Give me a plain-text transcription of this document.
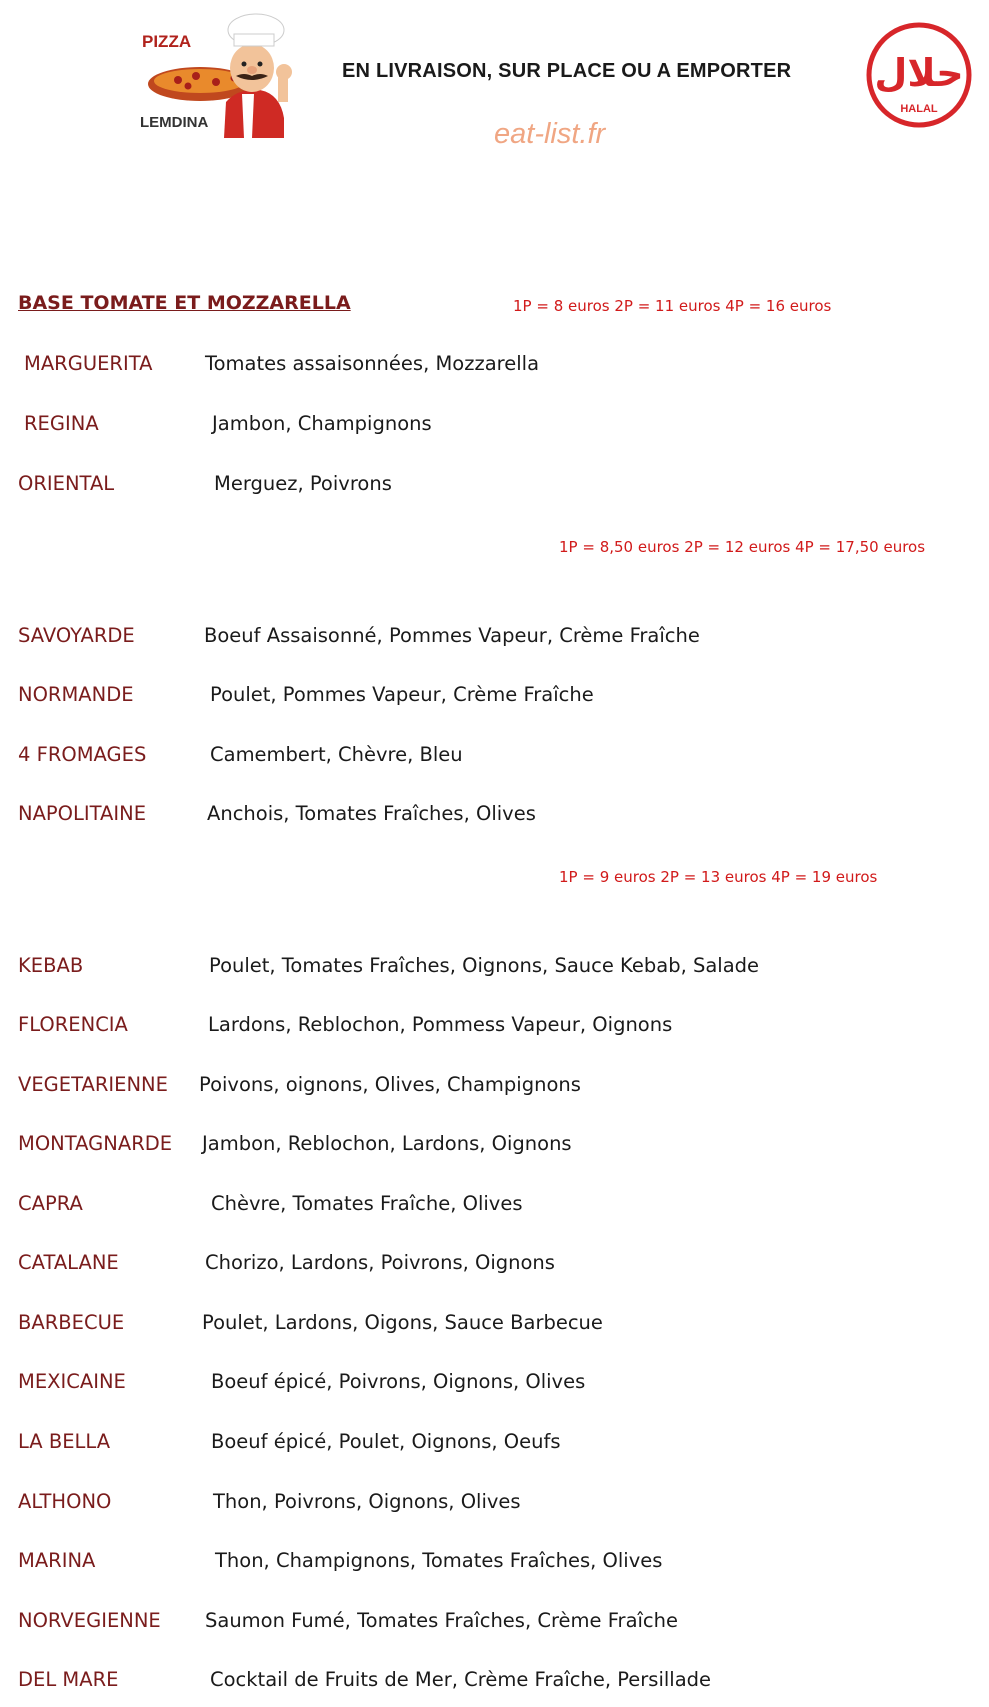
PIZZA
LEMDINA
EN LIVRAISON, SUR PLACE OU A EMPORTER
eat-list.fr
حلال
HALAL
BASE TOMATE ET MOZZARELLA	1P = 8 euros 2P = 11 euros 4P = 16 euros
1P = 8,50 euros 2P = 12 euros 4P = 17,50 euros
1P = 9 euros 2P = 13 euros 4P = 19 euros
MARGUERITA	Tomates assaisonnées, Mozzarella
REGINA	Jambon, Champignons
ORIENTAL	Merguez, Poivrons
SAVOYARDE	Boeuf Assaisonné, Pommes Vapeur, Crème Fraîche
NORMANDE	Poulet, Pommes Vapeur, Crème Fraîche
4 FROMAGES	Camembert, Chèvre, Bleu
NAPOLITAINE	Anchois, Tomates Fraîches, Olives
KEBAB	Poulet, Tomates Fraîches, Oignons, Sauce Kebab, Salade
FLORENCIA	Lardons, Reblochon, Pommess Vapeur, Oignons
VEGETARIENNE Poivons, oignons, Olives, Champignons
MONTAGNARDE Jambon, Reblochon, Lardons, Oignons
CAPRA	Chèvre, Tomates Fraîche, Olives
CATALANE	Chorizo, Lardons, Poivrons, Oignons
BARBECUE	Poulet, Lardons, Oigons, Sauce Barbecue
MEXICAINE	Boeuf épicé, Poivrons, Oignons, Olives
LA BELLA	Boeuf épicé, Poulet, Oignons, Oeufs
ALTHONO	Thon, Poivrons, Oignons, Olives
MARINA	Thon, Champignons, Tomates Fraîches, Olives
NORVEGIENNE Saumon Fumé, Tomates Fraîches, Crème Fraîche
DEL MARE	Cocktail de Fruits de Mer, Crème Fraîche, Persillade
